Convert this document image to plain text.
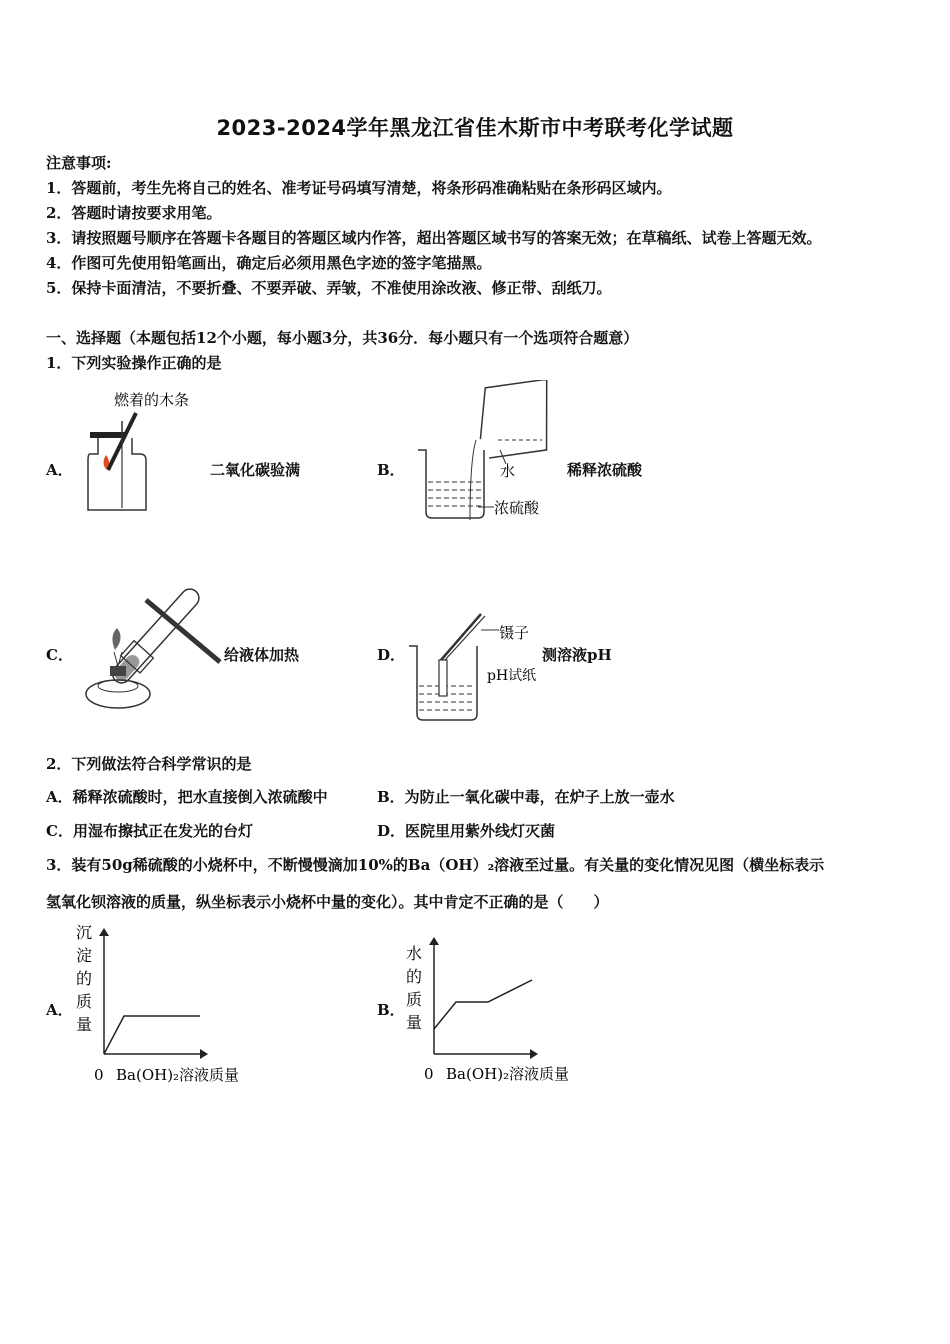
2023-2024学年黑龙江省佳木斯市中考联考化学试题
注意事项:
1．答题前，考生先将自己的姓名、准考证号码填写清楚，将条形码准确粘贴在条形码区域内。
2．答题时请按要求用笔。
3．请按照题号顺序在答题卡各题目的答题区域内作答，超出答题区域书写的答案无效；在草稿纸、试卷上答题无效。
4．作图可先使用铅笔画出，确定后必须用黑色字迹的签字笔描黑。
5．保持卡面清洁，不要折叠、不要弄破、弄皱，不准使用涂改液、修正带、刮纸刀。
一、选择题（本题包括12个小题，每小题3分，共36分．每小题只有一个选项符合题意）
1．下列实验操作正确的是
A．
燃着的木条
二氧化碳验满	B．	水
浓硫酸
稀释浓硫酸
C．	给液体加热	D．
镊子
pH试纸
测溶液pH
2．下列做法符合科学常识的是
A．稀释浓硫酸时，把水直接倒入浓硫酸中	B．为防止一氧化碳中毒，在炉子上放一壶水
C．用湿布擦拭正在发光的台灯	D．医院里用紫外线灯灭菌
3．装有50g稀硫酸的小烧杯中，不断慢慢滴加10%的Ba（OH）₂溶液至过量。有关量的变化情况见图（横坐标表示
氢氧化钡溶液的质量，纵坐标表示小烧杯中量的变化）。其中肯定不正确的是（　　）
A．
沉
淀
的
质
量
0 Ba(OH)₂溶液质量
B．
水
的
质
量
0 Ba(OH)₂溶液质量
